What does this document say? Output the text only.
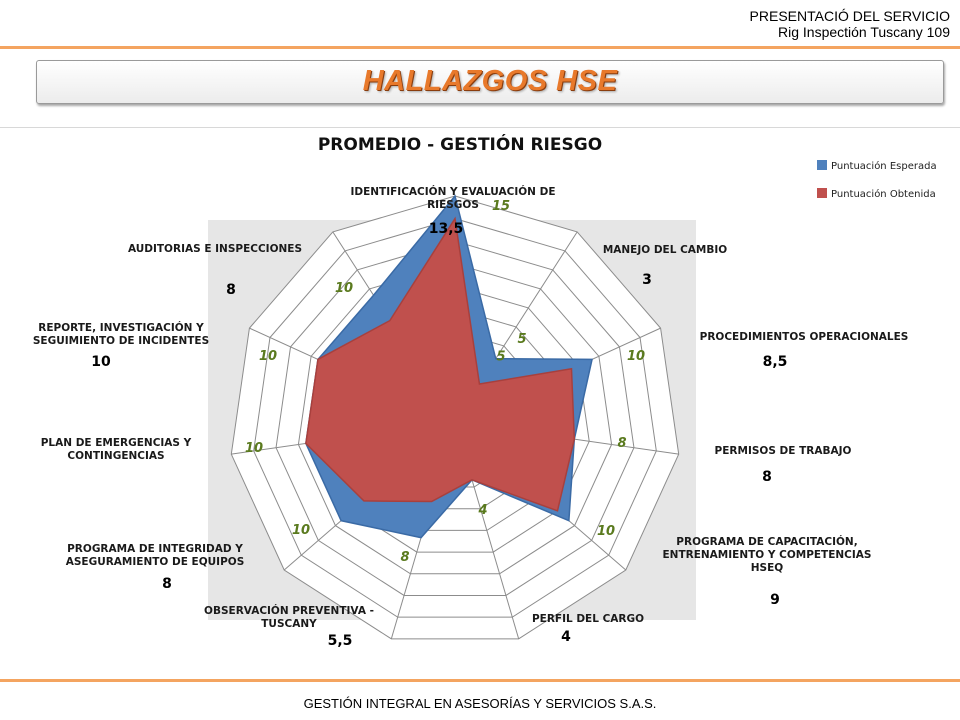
PRESENTACIÓ DEL SERVICIO
Rig Inspectión Tuscany 109
HALLAZGOS HSE
PROMEDIO - GESTIÓN RIESGO
Puntuación Esperada
Puntuación Obtenida
5
15
5
10
8
10
4
8
10
10
10
10
IDENTIFICACIÓN Y EVALUACIÓN DE RIESGOS
MANEJO DEL CAMBIO
PROCEDIMIENTOS OPERACIONALES
PERMISOS DE TRABAJO
PROGRAMA DE CAPACITACIÓN, ENTRENAMIENTO Y COMPETENCIAS HSEQ
PERFIL DEL CARGO
OBSERVACIÓN PREVENTIVA -TUSCANY
PROGRAMA DE INTEGRIDAD Y ASEGURAMIENTO DE EQUIPOS
PLAN DE EMERGENCIAS Y CONTINGENCIAS
REPORTE, INVESTIGACIÓN Y SEGUIMIENTO DE INCIDENTES
AUDITORIAS E INSPECCIONES
13,5
3
8,5
8
9
4
5,5
8
10
8
GESTIÓN INTEGRAL EN ASESORÍAS Y SERVICIOS S.A.S.
